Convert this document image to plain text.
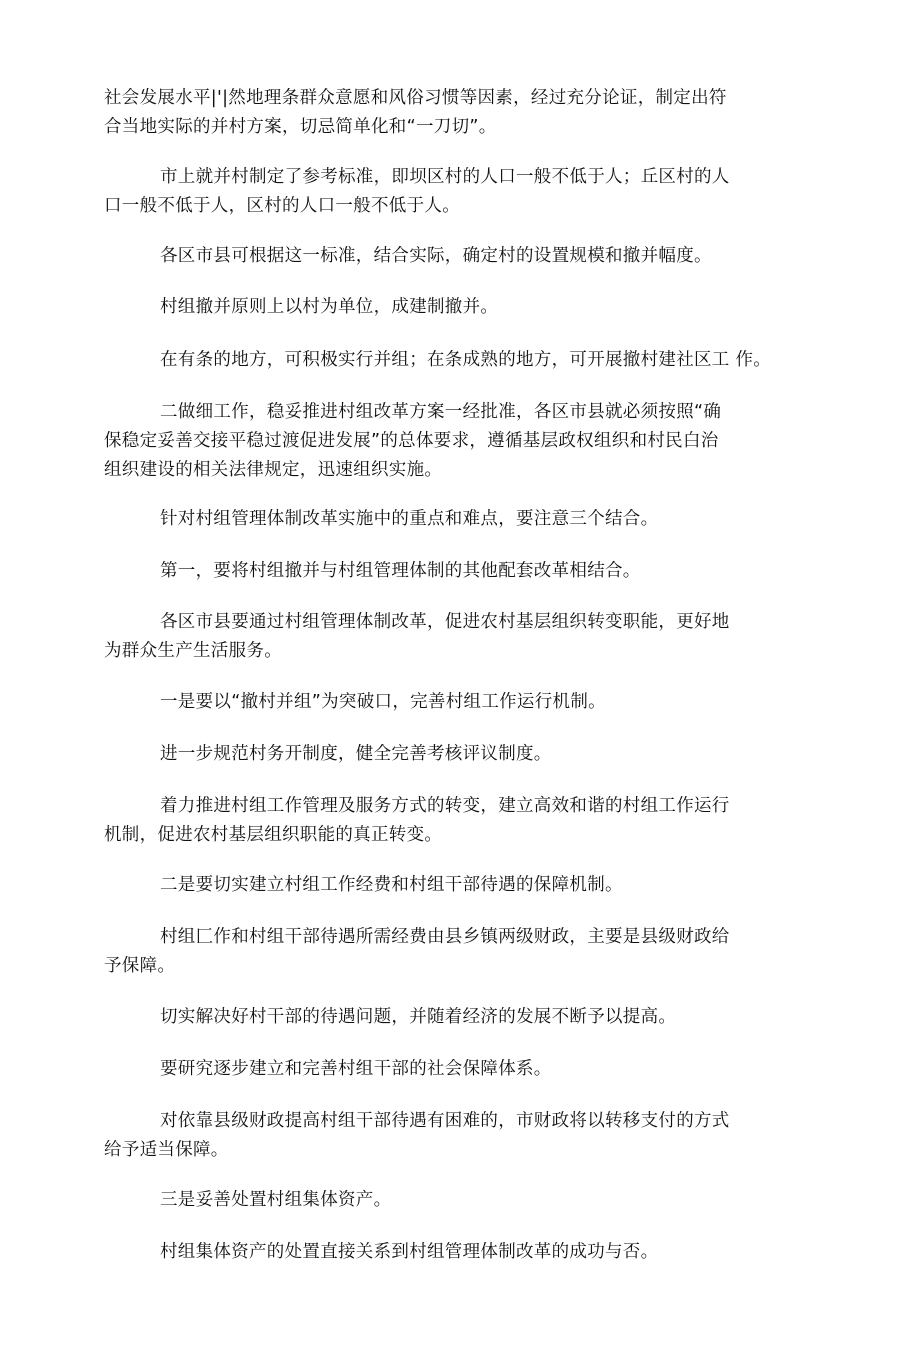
社会发展水平|'|然地理条群众意愿和风俗习惯等因素，经过充分论证，制定出符
合当地实际的并村方案，切忌简单化和“一刀切”。
市上就并村制定了参考标准，即坝区村的人口一般不低于人；丘区村的人
口一般不低于人，区村的人口一般不低于人。
各区市县可根据这一标准，结合实际，确定村的设置规模和撤并幅度。
村组撤并原则上以村为单位，成建制撤并。
在有条的地方，可积极实行并组；在条成熟的地方，可开展撤村建社区工 作。
二做细工作，稳妥推进村组改革方案一经批准，各区市县就必须按照“确
保稳定妥善交接平稳过渡促进发展”的总体要求，遵循基层政权组织和村民白治
组织建设的相关法律规定，迅速组织实施。
针对村组管理体制改革实施中的重点和难点，要注意三个结合。
第一，要将村组撤并与村组管理体制的其他配套改革相结合。
各区市县要通过村组管理体制改革，促进农村基层组织转变职能，更好地
为群众生产生活服务。
一是要以“撤村并组”为突破口，完善村组工作运行机制。
进一步规范村务开制度，健全完善考核评议制度。
着力推进村组工作管理及服务方式的转变，建立高效和谐的村组工作运行
机制，促进农村基层组织职能的真正转变。
二是要切实建立村组工作经费和村组干部待遇的保障机制。
村组匚作和村组干部待遇所需经费由县乡镇两级财政，主要是县级财政给
予保障。
切实解决好村干部的待遇问题，并随着经济的发展不断予以提高。
要研究逐步建立和完善村组干部的社会保障体系。
对依靠县级财政提高村组干部待遇有困难的，市财政将以转移支付的方式
给予适当保障。
三是妥善处置村组集体资产。
村组集体资产的处置直接关系到村组管理体制改革的成功与否。
